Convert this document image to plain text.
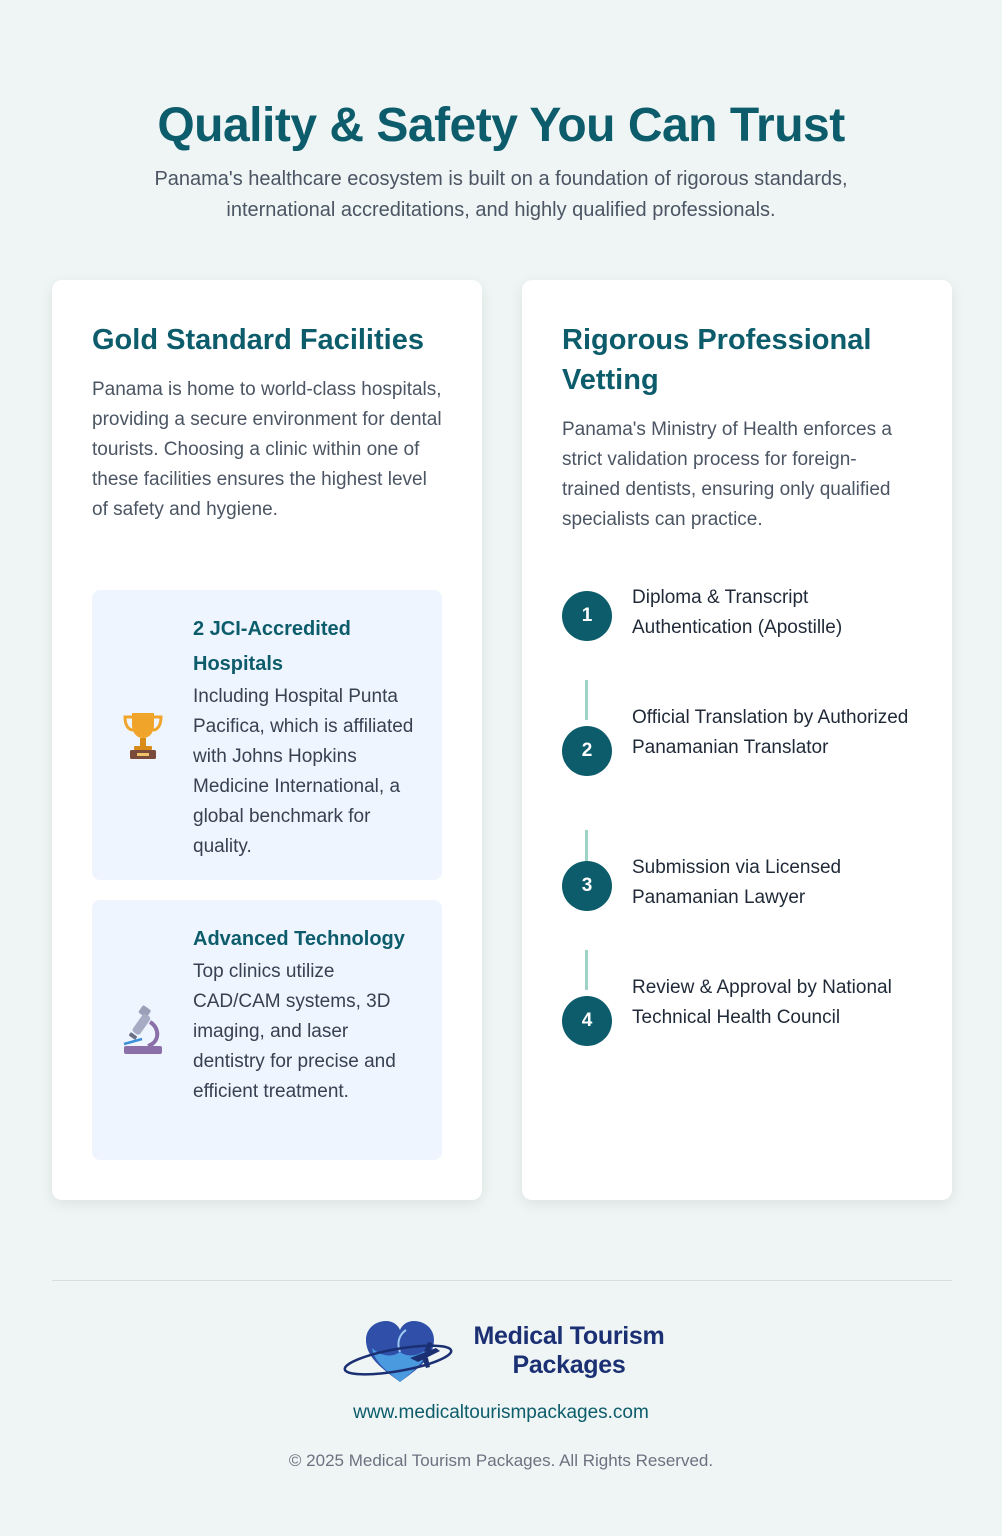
Quality & Safety You Can Trust

Panama's healthcare ecosystem is built on a foundation of rigorous standards, international accreditations, and highly qualified professionals.

Gold Standard Facilities

Panama is home to world-class hospitals, providing a secure environment for dental tourists. Choosing a clinic within one of these facilities ensures the highest level of safety and hygiene.

2 JCI-Accredited Hospitals

Including Hospital Punta Pacifica, which is affiliated with Johns Hopkins Medicine International, a global benchmark for quality.

Advanced Technology

Top clinics utilize CAD/CAM systems, 3D imaging, and laser dentistry for precise and efficient treatment.

Rigorous Professional Vetting

Panama's Ministry of Health enforces a strict validation process for foreign-trained dentists, ensuring only qualified specialists can practice.

1
Diploma & Transcript Authentication (Apostille)
2
Official Translation by Authorized Panamanian Translator
3
Submission via Licensed Panamanian Lawyer
4
Review & Approval by National Technical Health Council
Medical Tourism
Packages
www.medicaltourismpackages.com
© 2025 Medical Tourism Packages. All Rights Reserved.
